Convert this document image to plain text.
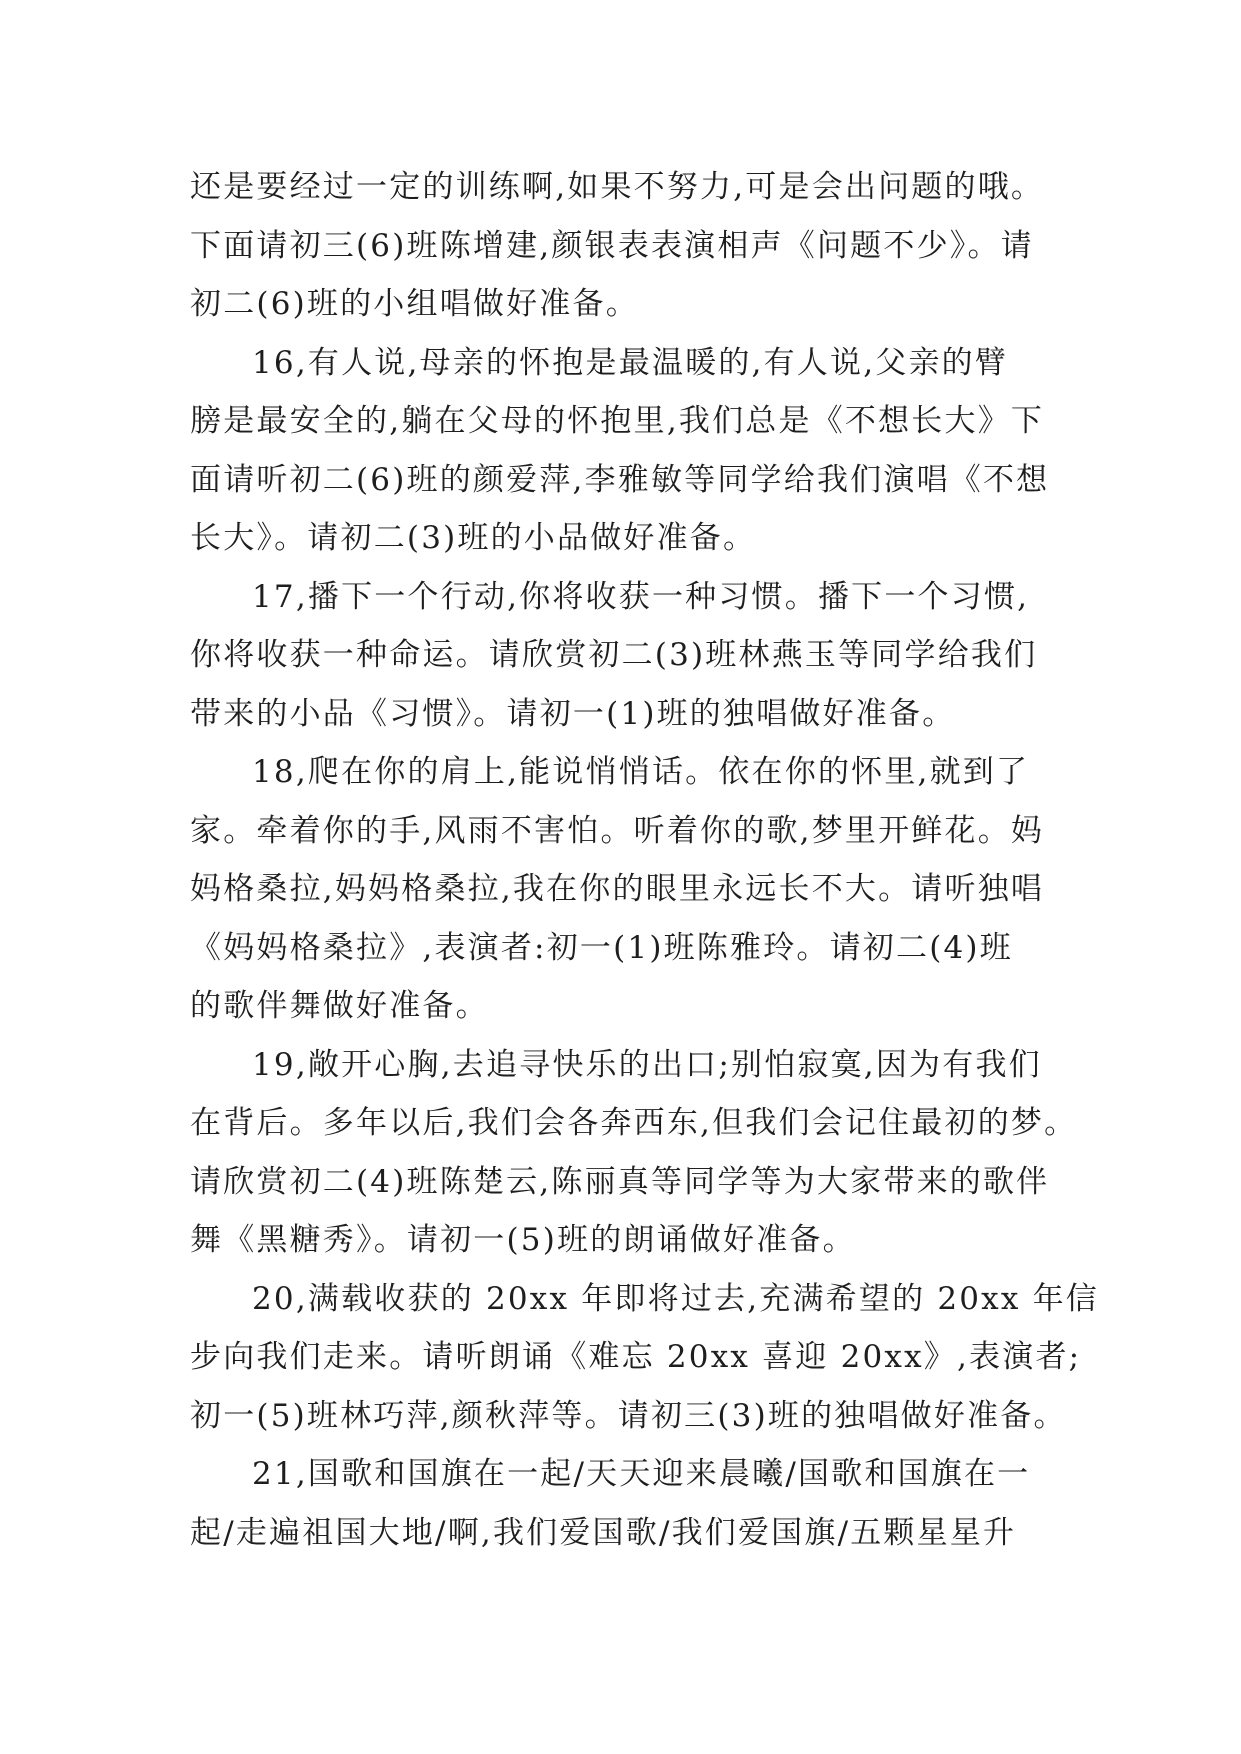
还是要经过一定的训练啊,如果不努力,可是会出问题的哦。
下面请初三(6)班陈增建,颜银表表演相声《问题不少》。请
初二(6)班的小组唱做好准备。
16,有人说,母亲的怀抱是最温暖的,有人说,父亲的臂
膀是最安全的,躺在父母的怀抱里,我们总是《不想长大》下
面请听初二(6)班的颜爱萍,李雅敏等同学给我们演唱《不想
长大》。请初二(3)班的小品做好准备。
17,播下一个行动,你将收获一种习惯。播下一个习惯,
你将收获一种命运。请欣赏初二(3)班林燕玉等同学给我们
带来的小品《习惯》。请初一(1)班的独唱做好准备。
18,爬在你的肩上,能说悄悄话。依在你的怀里,就到了
家。牵着你的手,风雨不害怕。听着你的歌,梦里开鲜花。妈
妈格桑拉,妈妈格桑拉,我在你的眼里永远长不大。请听独唱
《妈妈格桑拉》,表演者:初一(1)班陈雅玲。请初二(4)班
的歌伴舞做好准备。
19,敞开心胸,去追寻快乐的出口;别怕寂寞,因为有我们
在背后。多年以后,我们会各奔西东,但我们会记住最初的梦。
请欣赏初二(4)班陈楚云,陈丽真等同学等为大家带来的歌伴
舞《黑糖秀》。请初一(5)班的朗诵做好准备。
20,满载收获的 20xx 年即将过去,充满希望的 20xx 年信
步向我们走来。请听朗诵《难忘 20xx 喜迎 20xx》,表演者;
初一(5)班林巧萍,颜秋萍等。请初三(3)班的独唱做好准备。
21,国歌和国旗在一起/天天迎来晨曦/国歌和国旗在一
起/走遍祖国大地/啊,我们爱国歌/我们爱国旗/五颗星星升
